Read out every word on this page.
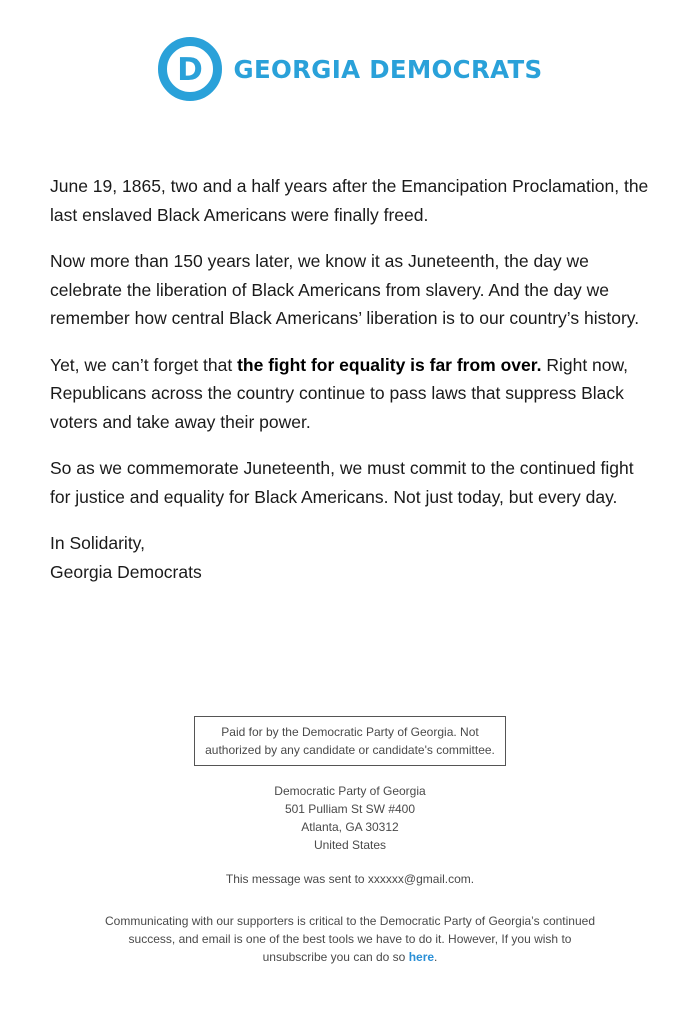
D GEORGIA DEMOCRATS

June 19, 1865, two and a half years after the Emancipation Proclamation, the last enslaved Black Americans were finally freed.

Now more than 150 years later, we know it as Juneteenth, the day we celebrate the liberation of Black Americans from slavery. And the day we remember how central Black Americans’ liberation is to our country’s history.

Yet, we can’t forget that the fight for equality is far from over. Right now, Republicans across the country continue to pass laws that suppress Black voters and take away their power.

So as we commemorate Juneteenth, we must commit to the continued fight for justice and equality for Black Americans. Not just today, but every day.

In Solidarity,
Georgia Democrats

Paid for by the Democratic Party of Georgia. Not authorized by any candidate or candidate's committee.
Democratic Party of Georgia
501 Pulliam St SW #400
Atlanta, GA 30312
United States
This message was sent to xxxxxx@gmail.com.
Communicating with our supporters is critical to the Democratic Party of Georgia’s continued success, and email is one of the best tools we have to do it. However, If you wish to unsubscribe you can do so here.
